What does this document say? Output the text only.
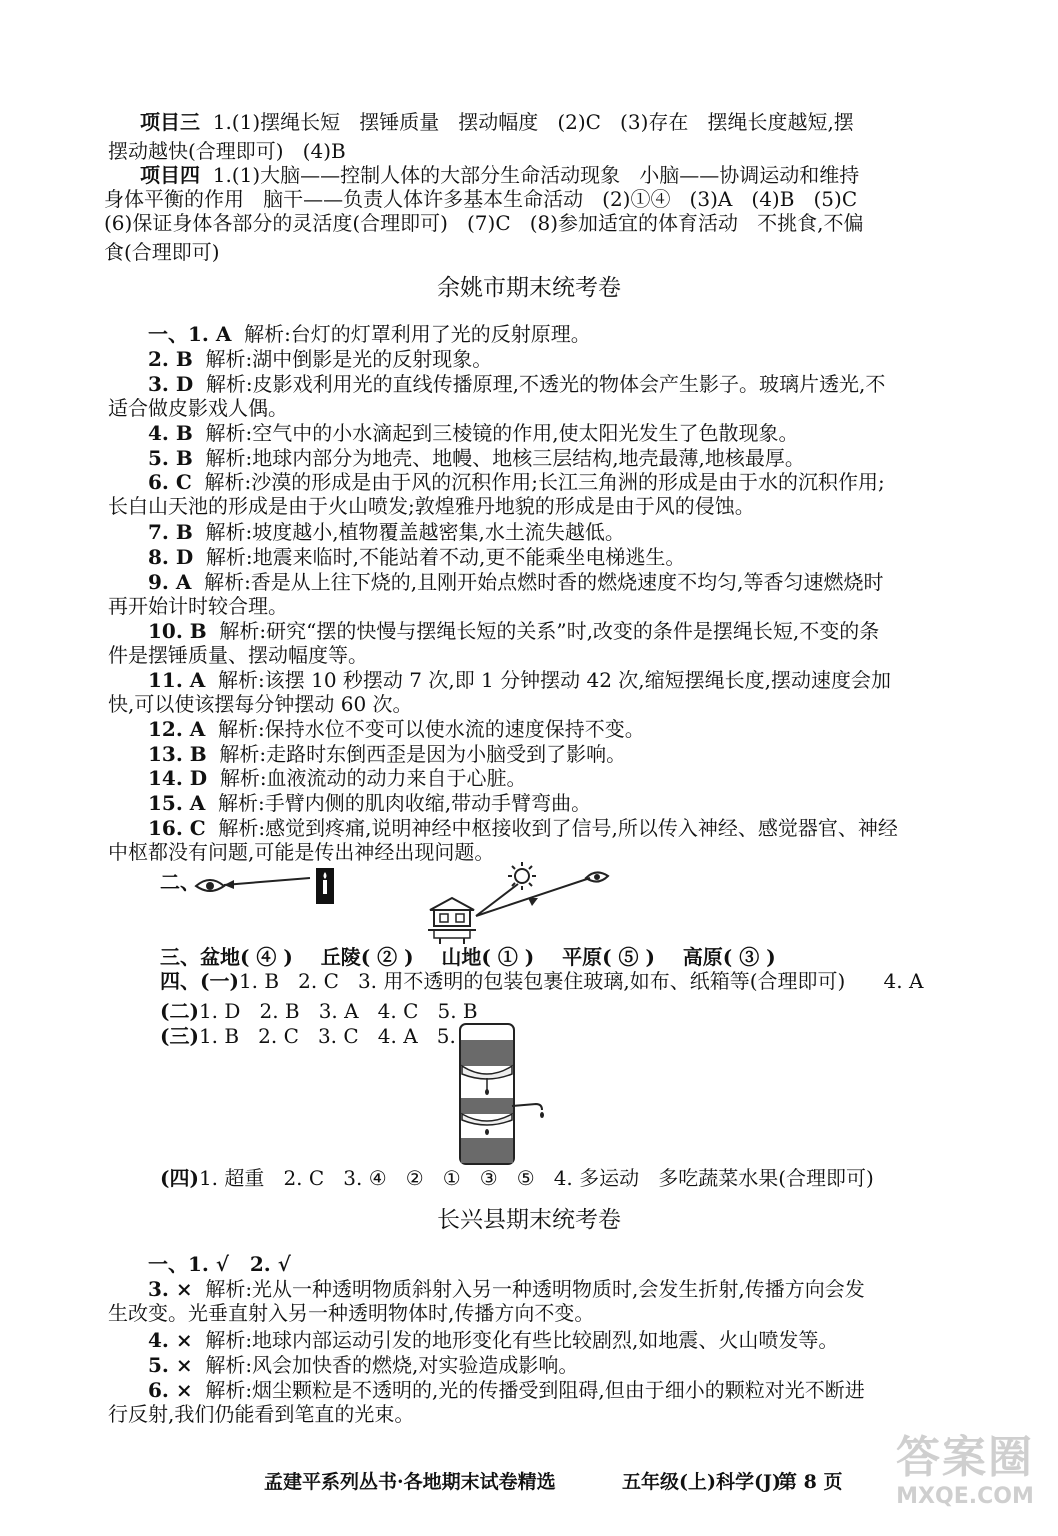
项目三  1.(1)摆绳长短   摆锤质量   摆动幅度   (2)C   (3)存在   摆绳长度越短,摆
摆动越快(合理即可)   (4)B
项目四  1.(1)大脑——控制人体的大部分生命活动现象   小脑——协调运动和维持
身体平衡的作用   脑干——负责人体许多基本生命活动   (2)①④   (3)A   (4)B   (5)C
(6)保证身体各部分的灵活度(合理即可)   (7)C   (8)参加适宜的体育活动   不挑食,不偏
食(合理即可)
余姚市期末统考卷
一、1. A  解析:台灯的灯罩利用了光的反射原理。
2. B  解析:湖中倒影是光的反射现象。
3. D  解析:皮影戏利用光的直线传播原理,不透光的物体会产生影子。玻璃片透光,不
适合做皮影戏人偶。
4. B  解析:空气中的小水滴起到三棱镜的作用,使太阳光发生了色散现象。
5. B  解析:地球内部分为地壳、地幔、地核三层结构,地壳最薄,地核最厚。
6. C  解析:沙漠的形成是由于风的沉积作用;长江三角洲的形成是由于水的沉积作用;
长白山天池的形成是由于火山喷发;敦煌雅丹地貌的形成是由于风的侵蚀。
7. B  解析:坡度越小,植物覆盖越密集,水土流失越低。
8. D  解析:地震来临时,不能站着不动,更不能乘坐电梯逃生。
9. A  解析:香是从上往下烧的,且刚开始点燃时香的燃烧速度不均匀,等香匀速燃烧时
再开始计时较合理。
10. B  解析:研究“摆的快慢与摆绳长短的关系”时,改变的条件是摆绳长短,不变的条
件是摆锤质量、摆动幅度等。
11. A  解析:该摆 10 秒摆动 7 次,即 1 分钟摆动 42 次,缩短摆绳长度,摆动速度会加
快,可以使该摆每分钟摆动 60 次。
12. A  解析:保持水位不变可以使水流的速度保持不变。
13. B  解析:走路时东倒西歪是因为小脑受到了影响。
14. D  解析:血液流动的动力来自于心脏。
15. A  解析:手臂内侧的肌肉收缩,带动手臂弯曲。
16. C  解析:感觉到疼痛,说明神经中枢接收到了信号,所以传入神经、感觉器官、神经
中枢都没有问题,可能是传出神经出现问题。
二、
三、盆地( ④ )    丘陵( ② )    山地( ① )    平原( ⑤ )    高原( ③ )
四、(一)1. B   2. C   3. 用不透明的包装包裹住玻璃,如布、纸箱等(合理即可)      4. A
(二)1. D   2. B   3. A   4. C   5. B
(三)1. B   2. C   3. C   4. A   5.
(四)1. 超重   2. C   3. ④   ②   ①   ③   ⑤   4. 多运动   多吃蔬菜水果(合理即可)
长兴县期末统考卷
一、1. √   2. √
3. ×  解析:光从一种透明物质斜射入另一种透明物质时,会发生折射,传播方向会发
生改变。光垂直射入另一种透明物体时,传播方向不变。
4. ×  解析:地球内部运动引发的地形变化有些比较剧烈,如地震、火山喷发等。
5. ×  解析:风会加快香的燃烧,对实验造成影响。
6. ×  解析:烟尘颗粒是不透明的,光的传播受到阻碍,但由于细小的颗粒对光不断进
行反射,我们仍能看到笔直的光束。
孟建平系列丛书·各地期末试卷精选	五年级(上)科学(J)
第 8 页 答案圈
MXQE.COM
